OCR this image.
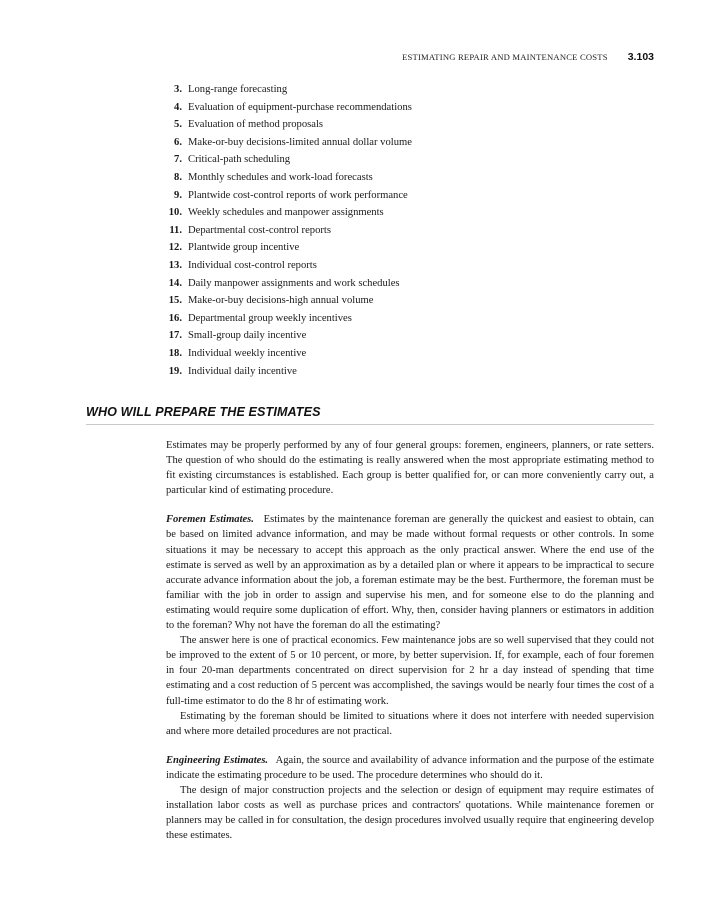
ESTIMATING REPAIR AND MAINTENANCE COSTS 3.103
3. Long-range forecasting
4. Evaluation of equipment-purchase recommendations
5. Evaluation of method proposals
6. Make-or-buy decisions-limited annual dollar volume
7. Critical-path scheduling
8. Monthly schedules and work-load forecasts
9. Plantwide cost-control reports of work performance
10. Weekly schedules and manpower assignments
11. Departmental cost-control reports
12. Plantwide group incentive
13. Individual cost-control reports
14. Daily manpower assignments and work schedules
15. Make-or-buy decisions-high annual volume
16. Departmental group weekly incentives
17. Small-group daily incentive
18. Individual weekly incentive
19. Individual daily incentive
WHO WILL PREPARE THE ESTIMATES

Estimates may be properly performed by any of four general groups: foremen, engineers, planners, or rate setters. The question of who should do the estimating is really answered when the most appropriate estimating method to fit existing circumstances is established. Each group is better qualified for, or can more conveniently carry out, a particular kind of estimating procedure.

Foremen Estimates. Estimates by the maintenance foreman are generally the quickest and easiest to obtain, can be based on limited advance information, and may be made without formal requests or other controls. In some situations it may be necessary to accept this approach as the only practical answer. Where the end use of the estimate is served as well by an approximation as by a detailed plan or where it appears to be impractical to secure accurate advance information about the job, a foreman estimate may be the best. Furthermore, the foreman must be familiar with the job in order to assign and supervise his men, and for someone else to do the planning and estimating would require some duplication of effort. Why, then, consider having planners or estimators in addition to the foreman? Why not have the foreman do all the estimating?

The answer here is one of practical economics. Few maintenance jobs are so well supervised that they could not be improved to the extent of 5 or 10 percent, or more, by better supervision. If, for example, each of four foremen in four 20-man departments concentrated on direct supervision for 2 hr a day instead of spending that time estimating and a cost reduction of 5 percent was accomplished, the savings would be nearly four times the cost of a full-time estimator to do the 8 hr of estimating work.

Estimating by the foreman should be limited to situations where it does not interfere with needed supervision and where more detailed procedures are not practical.

Engineering Estimates. Again, the source and availability of advance information and the purpose of the estimate indicate the estimating procedure to be used. The procedure determines who should do it.

The design of major construction projects and the selection or design of equipment may require estimates of installation labor costs as well as purchase prices and contractors' quotations. While maintenance foremen or planners may be called in for consultation, the design procedures involved usually require that engineering develop these estimates.
